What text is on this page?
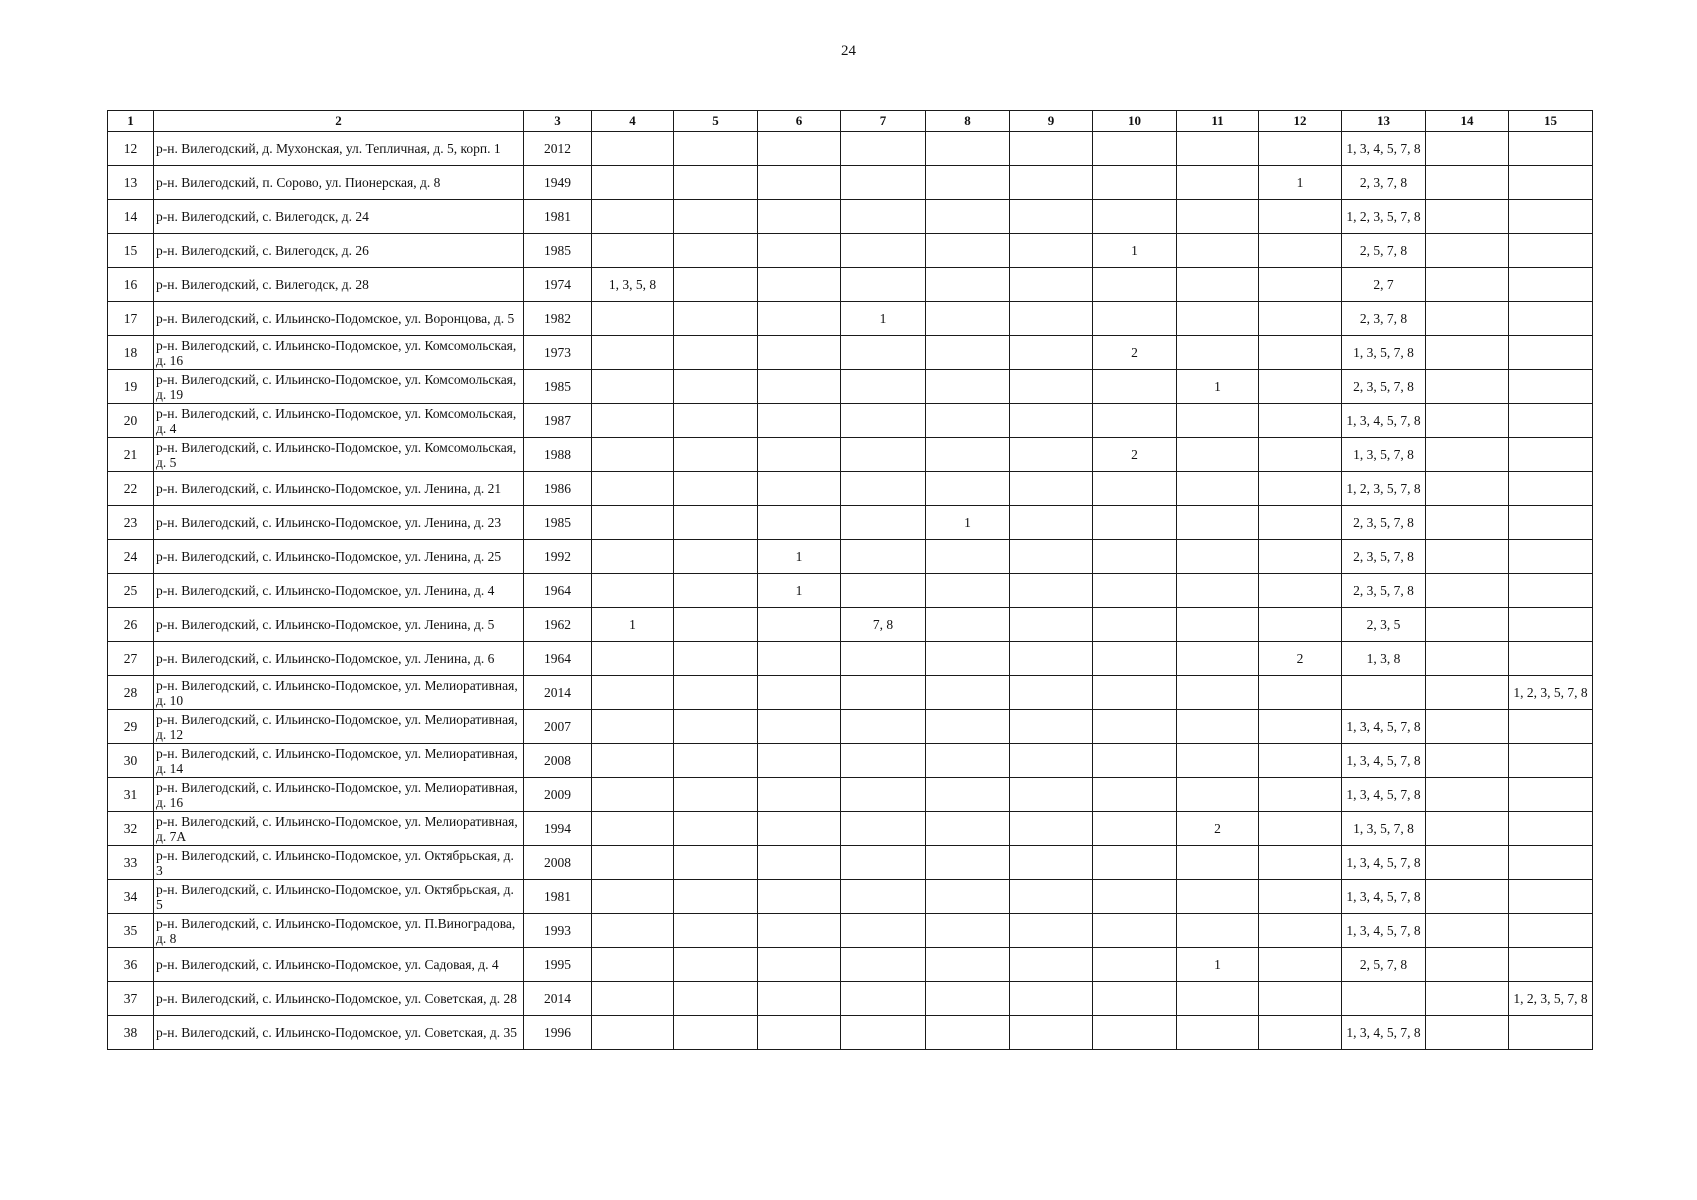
24
1	2	3	4	5	6	7	8	9	10	11	12	13	14	15
12	р-н. Вилегодский, д. Мухонская, ул. Тепличная, д. 5, корп. 1	2012										1, 3, 4, 5, 7, 8		
13	р-н. Вилегодский, п. Сорово, ул. Пионерская, д. 8	1949									1	2, 3, 7, 8		
14	р-н. Вилегодский, с. Вилегодск, д. 24	1981										1, 2, 3, 5, 7, 8		
15	р-н. Вилегодский, с. Вилегодск, д. 26	1985							1			2, 5, 7, 8		
16	р-н. Вилегодский, с. Вилегодск, д. 28	1974	1, 3, 5, 8									2, 7		
17	р-н. Вилегодский, с. Ильинско-Подомское, ул. Воронцова, д. 5	1982				1						2, 3, 7, 8		
18	р-н. Вилегодский, с. Ильинско-Подомское, ул. Комсомольская, д. 16	1973							2			1, 3, 5, 7, 8		
19	р-н. Вилегодский, с. Ильинско-Подомское, ул. Комсомольская, д. 19	1985								1		2, 3, 5, 7, 8		
20	р-н. Вилегодский, с. Ильинско-Подомское, ул. Комсомольская, д. 4	1987										1, 3, 4, 5, 7, 8		
21	р-н. Вилегодский, с. Ильинско-Подомское, ул. Комсомольская, д. 5	1988							2			1, 3, 5, 7, 8		
22	р-н. Вилегодский, с. Ильинско-Подомское, ул. Ленина, д. 21	1986										1, 2, 3, 5, 7, 8		
23	р-н. Вилегодский, с. Ильинско-Подомское, ул. Ленина, д. 23	1985					1					2, 3, 5, 7, 8		
24	р-н. Вилегодский, с. Ильинско-Подомское, ул. Ленина, д. 25	1992			1							2, 3, 5, 7, 8		
25	р-н. Вилегодский, с. Ильинско-Подомское, ул. Ленина, д. 4	1964			1							2, 3, 5, 7, 8		
26	р-н. Вилегодский, с. Ильинско-Подомское, ул. Ленина, д. 5	1962	1			7, 8						2, 3, 5		
27	р-н. Вилегодский, с. Ильинско-Подомское, ул. Ленина, д. 6	1964									2	1, 3, 8		
28	р-н. Вилегодский, с. Ильинско-Подомское, ул. Мелиоративная, д. 10	2014												1, 2, 3, 5, 7, 8
29	р-н. Вилегодский, с. Ильинско-Подомское, ул. Мелиоративная, д. 12	2007										1, 3, 4, 5, 7, 8		
30	р-н. Вилегодский, с. Ильинско-Подомское, ул. Мелиоративная, д. 14	2008										1, 3, 4, 5, 7, 8		
31	р-н. Вилегодский, с. Ильинско-Подомское, ул. Мелиоративная, д. 16	2009										1, 3, 4, 5, 7, 8		
32	р-н. Вилегодский, с. Ильинско-Подомское, ул. Мелиоративная, д. 7А	1994								2		1, 3, 5, 7, 8		
33	р-н. Вилегодский, с. Ильинско-Подомское, ул. Октябрьская, д. 3	2008										1, 3, 4, 5, 7, 8		
34	р-н. Вилегодский, с. Ильинско-Подомское, ул. Октябрьская, д. 5	1981										1, 3, 4, 5, 7, 8		
35	р-н. Вилегодский, с. Ильинско-Подомское, ул. П.Виноградова, д. 8	1993										1, 3, 4, 5, 7, 8		
36	р-н. Вилегодский, с. Ильинско-Подомское, ул. Садовая, д. 4	1995								1		2, 5, 7, 8		
37	р-н. Вилегодский, с. Ильинско-Подомское, ул. Советская, д. 28	2014												1, 2, 3, 5, 7, 8
38	р-н. Вилегодский, с. Ильинско-Подомское, ул. Советская, д. 35	1996										1, 3, 4, 5, 7, 8		
